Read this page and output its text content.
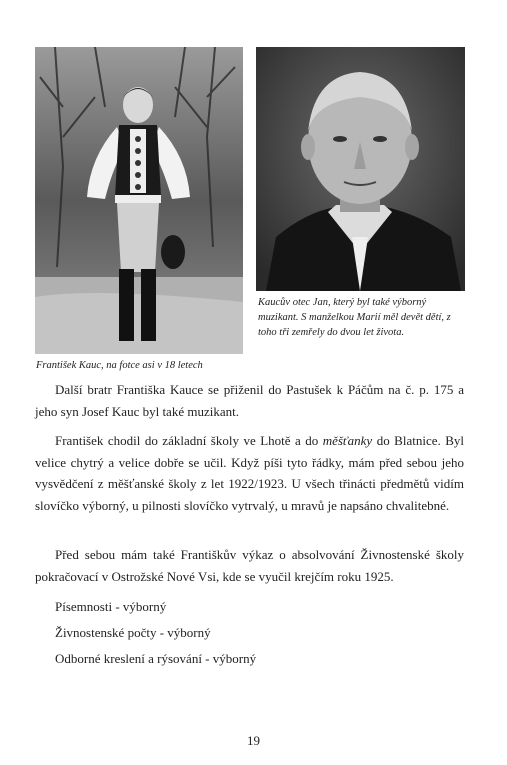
František Kauc, na fotce asi v 18 letech
Kaucův otec Jan, který byl také výborný muzikant. S manželkou Marií měl devět dětí, z toho tři zemřely do dvou let života.

Další bratr Františka Kauce se přiženil do Pastušek k Páčům na č. p. 175 a jeho syn Josef Kauc byl také muzikant.

František chodil do základní školy ve Lhotě a do měšťanky do Blatnice. Byl velice chytrý a velice dobře se učil. Když píši tyto řádky, mám před sebou jeho vysvědčení z měšťanské školy z let 1922/1923. U všech třinácti předmětů vidím slovíčko výborný, u pilnosti slovíčko vytrvalý, u mravů je napsáno chvalitebné.

Před sebou mám také Františkův výkaz o absolvování Živnostenské školy pokračovací v Ostrožské Nové Vsi, kde se vyučil krejčím roku 1925.

Písemnosti - výborný
Živnostenské počty - výborný
Odborné kreslení a rýsování - výborný
19
